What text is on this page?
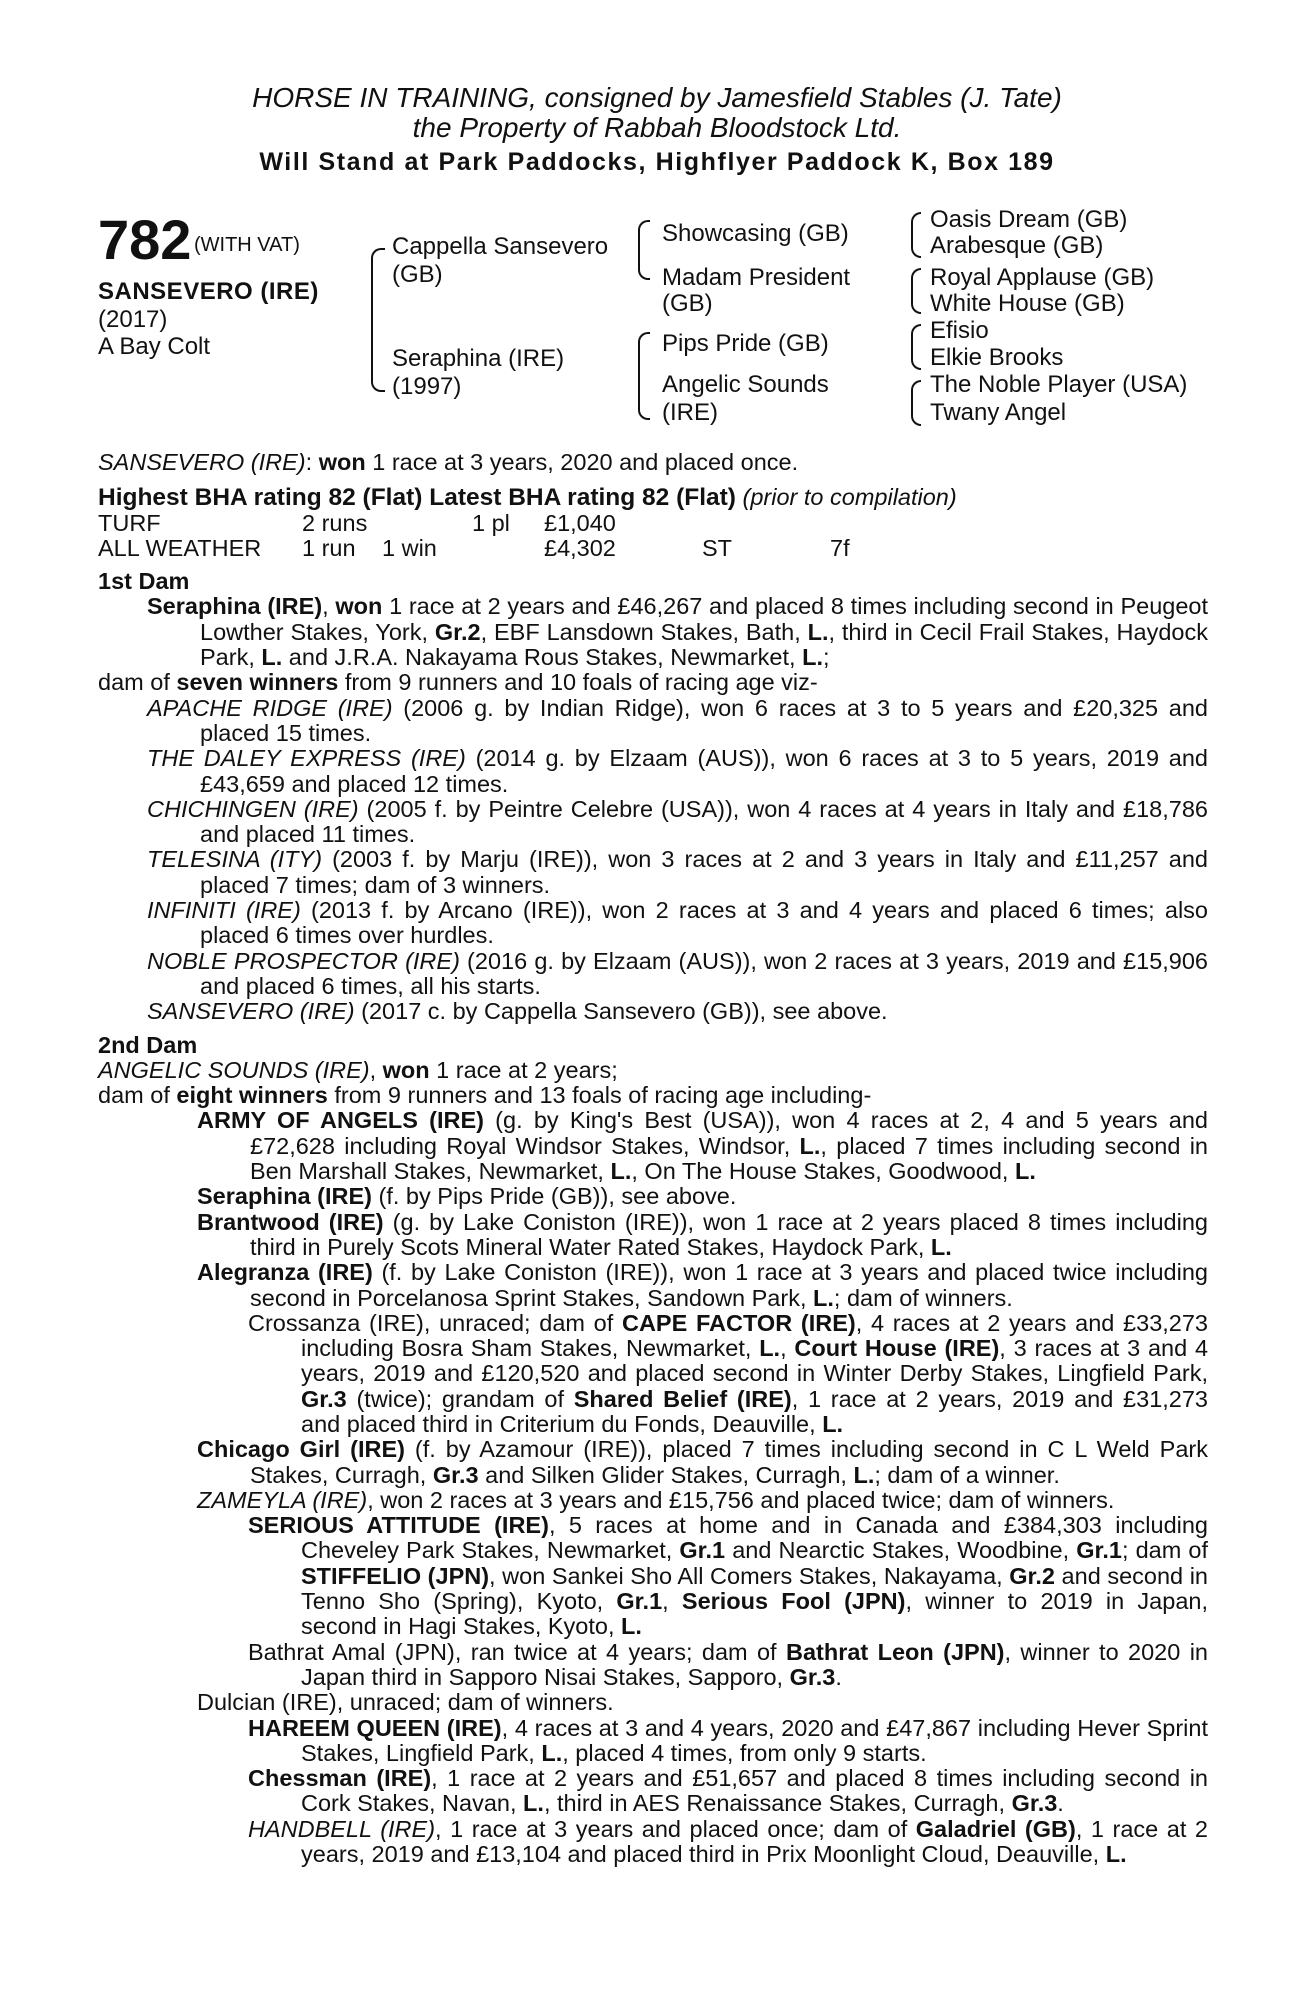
HORSE IN TRAINING, consigned by Jamesfield Stables (J. Tate)
the Property of Rabbah Bloodstock Ltd.
Will Stand at Park Paddocks, Highflyer Paddock K, Box 189
782 (WITH VAT)
SANSEVERO (IRE)
(2017)
A Bay Colt
Cappella Sansevero
(GB)
Seraphina (IRE)
(1997)
Showcasing (GB)
Madam President
(GB)
Pips Pride (GB)
Angelic Sounds
(IRE)
Oasis Dream (GB)
Arabesque (GB)
Royal Applause (GB)
White House (GB)
Efisio
Elkie Brooks
The Noble Player (USA)
Twany Angel

SANSEVERO (IRE): won 1 race at 3 years, 2020 and placed once.

Highest BHA rating 82 (Flat) Latest BHA rating 82 (Flat) (prior to compilation)

TURF	2 runs		1 pl	£1,040		
ALL WEATHER	1 run	1 win		£4,302	ST	7f

1st Dam

Seraphina (IRE), won 1 race at 2 years and £46,267 and placed 8 times including second in Peugeot Lowther Stakes, York, Gr.2, EBF Lansdown Stakes, Bath, L., third in Cecil Frail Stakes, Haydock Park, L. and J.R.A. Nakayama Rous Stakes, Newmarket, L.;

dam of seven winners from 9 runners and 10 foals of racing age viz-

APACHE RIDGE (IRE) (2006 g. by Indian Ridge), won 6 races at 3 to 5 years and £20,325 and placed 15 times.

THE DALEY EXPRESS (IRE) (2014 g. by Elzaam (AUS)), won 6 races at 3 to 5 years, 2019 and £43,659 and placed 12 times.

CHICHINGEN (IRE) (2005 f. by Peintre Celebre (USA)), won 4 races at 4 years in Italy and £18,786 and placed 11 times.

TELESINA (ITY) (2003 f. by Marju (IRE)), won 3 races at 2 and 3 years in Italy and £11,257 and placed 7 times; dam of 3 winners.

INFINITI (IRE) (2013 f. by Arcano (IRE)), won 2 races at 3 and 4 years and placed 6 times; also placed 6 times over hurdles.

NOBLE PROSPECTOR (IRE) (2016 g. by Elzaam (AUS)), won 2 races at 3 years, 2019 and £15,906 and placed 6 times, all his starts.

SANSEVERO (IRE) (2017 c. by Cappella Sansevero (GB)), see above.

2nd Dam

ANGELIC SOUNDS (IRE), won 1 race at 2 years;

dam of eight winners from 9 runners and 13 foals of racing age including-

ARMY OF ANGELS (IRE) (g. by King's Best (USA)), won 4 races at 2, 4 and 5 years and £72,628 including Royal Windsor Stakes, Windsor, L., placed 7 times including second in Ben Marshall Stakes, Newmarket, L., On The House Stakes, Goodwood, L.

Seraphina (IRE) (f. by Pips Pride (GB)), see above.

Brantwood (IRE) (g. by Lake Coniston (IRE)), won 1 race at 2 years placed 8 times including third in Purely Scots Mineral Water Rated Stakes, Haydock Park, L.

Alegranza (IRE) (f. by Lake Coniston (IRE)), won 1 race at 3 years and placed twice including second in Porcelanosa Sprint Stakes, Sandown Park, L.; dam of winners.

Crossanza (IRE), unraced; dam of CAPE FACTOR (IRE), 4 races at 2 years and £33,273 including Bosra Sham Stakes, Newmarket, L., Court House (IRE), 3 races at 3 and 4 years, 2019 and £120,520 and placed second in Winter Derby Stakes, Lingfield Park, Gr.3 (twice); grandam of Shared Belief (IRE), 1 race at 2 years, 2019 and £31,273 and placed third in Criterium du Fonds, Deauville, L.

Chicago Girl (IRE) (f. by Azamour (IRE)), placed 7 times including second in C L Weld Park Stakes, Curragh, Gr.3 and Silken Glider Stakes, Curragh, L.; dam of a winner.

ZAMEYLA (IRE), won 2 races at 3 years and £15,756 and placed twice; dam of winners.

SERIOUS ATTITUDE (IRE), 5 races at home and in Canada and £384,303 including Cheveley Park Stakes, Newmarket, Gr.1 and Nearctic Stakes, Woodbine, Gr.1; dam of STIFFELIO (JPN), won Sankei Sho All Comers Stakes, Nakayama, Gr.2 and second in Tenno Sho (Spring), Kyoto, Gr.1, Serious Fool (JPN), winner to 2019 in Japan, second in Hagi Stakes, Kyoto, L.

Bathrat Amal (JPN), ran twice at 4 years; dam of Bathrat Leon (JPN), winner to 2020 in Japan third in Sapporo Nisai Stakes, Sapporo, Gr.3.

Dulcian (IRE), unraced; dam of winners.

HAREEM QUEEN (IRE), 4 races at 3 and 4 years, 2020 and £47,867 including Hever Sprint Stakes, Lingfield Park, L., placed 4 times, from only 9 starts.

Chessman (IRE), 1 race at 2 years and £51,657 and placed 8 times including second in Cork Stakes, Navan, L., third in AES Renaissance Stakes, Curragh, Gr.3.

HANDBELL (IRE), 1 race at 3 years and placed once; dam of Galadriel (GB), 1 race at 2 years, 2019 and £13,104 and placed third in Prix Moonlight Cloud, Deauville, L.
